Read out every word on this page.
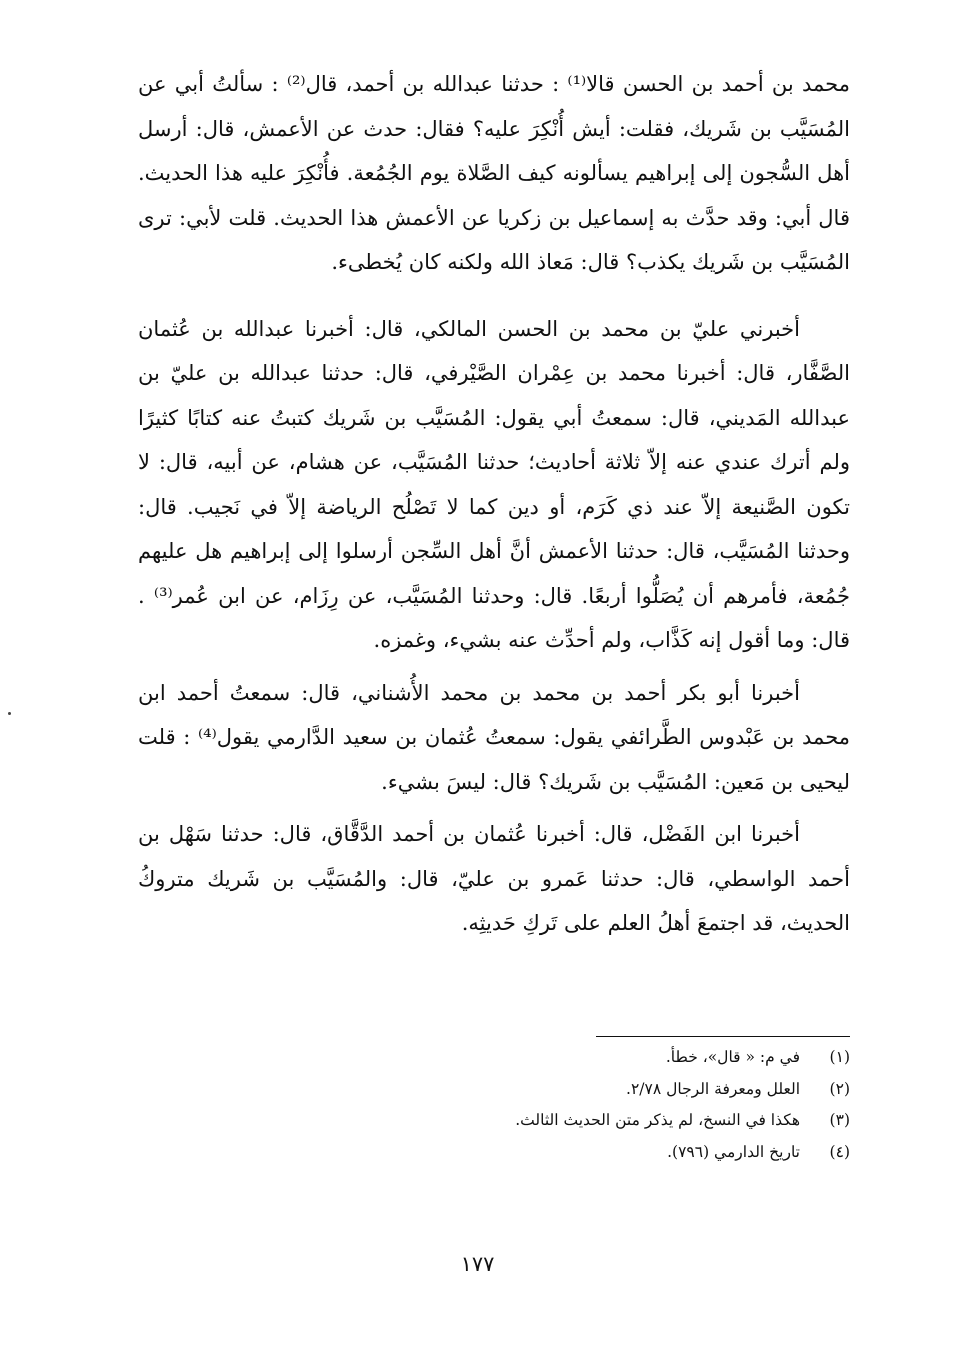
محمد بن أحمد بن الحسن قالا⁽¹⁾ : حدثنا عبدالله بن أحمد، قال⁽²⁾ : سألتُ أبي عن المُسَيَّب بن شَريك، فقلت: أيش أُنْكِرَ عليه؟ فقال: حدث عن الأعمش، قال: أرسل أهل السُّجون إلى إبراهيم يسألونه كيف الصَّلاة يوم الجُمُعة. فأُنْكِرَ عليه هذا الحديث. قال أبي: وقد حدَّث به إسماعيل بن زكريا عن الأعمش هذا الحديث. قلت لأبي: ترى المُسَيَّب بن شَريك يكذب؟ قال: مَعاذ الله ولكنه كان يُخطىء.

أخبرني عليّ بن محمد بن الحسن المالكي، قال: أخبرنا عبدالله بن عُثمان الصَّفَّار، قال: أخبرنا محمد بن عِمْران الصَّيْرفي، قال: حدثنا عبدالله بن عليّ بن عبدالله المَديني، قال: سمعتُ أبي يقول: المُسَيَّب بن شَريك كتبتُ عنه كتابًا كثيرًا ولم أترك عندي عنه إلاّ ثلاثة أحاديث؛ حدثنا المُسَيَّب، عن هشام، عن أبيه، قال: لا تكون الصَّنيعة إلاّ عند ذي كَرَم، أو دين كما لا تَصْلُح الرياضة إلاّ في نَجيب. قال: وحدثنا المُسَيَّب، قال: حدثنا الأعمش أنَّ أهل السِّجن أرسلوا إلى إبراهيم هل عليهم جُمُعة، فأمرهم أن يُصَلُّوا أربعًا. قال: وحدثنا المُسَيَّب، عن رِزَام، عن ابن عُمر⁽³⁾ . قال: وما أقول إنه كَذَّاب، ولم أحدِّث عنه بشيء، وغمزه.

أخبرنا أبو بكر أحمد بن محمد بن محمد الأُشناني، قال: سمعتُ أحمد ابن محمد بن عَبْدوس الطَّرائفي يقول: سمعتُ عُثمان بن سعيد الدَّارمي يقول⁽⁴⁾ : قلت ليحيى بن مَعين: المُسَيَّب بن شَريك؟ قال: ليسَ بشيء.

أخبرنا ابن الفَضْل، قال: أخبرنا عُثمان بن أحمد الدَّقَّاق، قال: حدثنا سَهْل بن أحمد الواسطي، قال: حدثنا عَمرو بن عليّ، قال: والمُسَيَّب بن شَريك متروكُ الحديث، قد اجتمعَ أهلُ العلم على تَركِ حَديثِه.

(١)في م: « قال»، خطأ.
(٢)العلل ومعرفة الرجال ٢/٧٨.
(٣)هكذا في النسخ، لم يذكر متن الحديث الثالث.
(٤)تاريخ الدارمي (٧٩٦).
١٧٧
